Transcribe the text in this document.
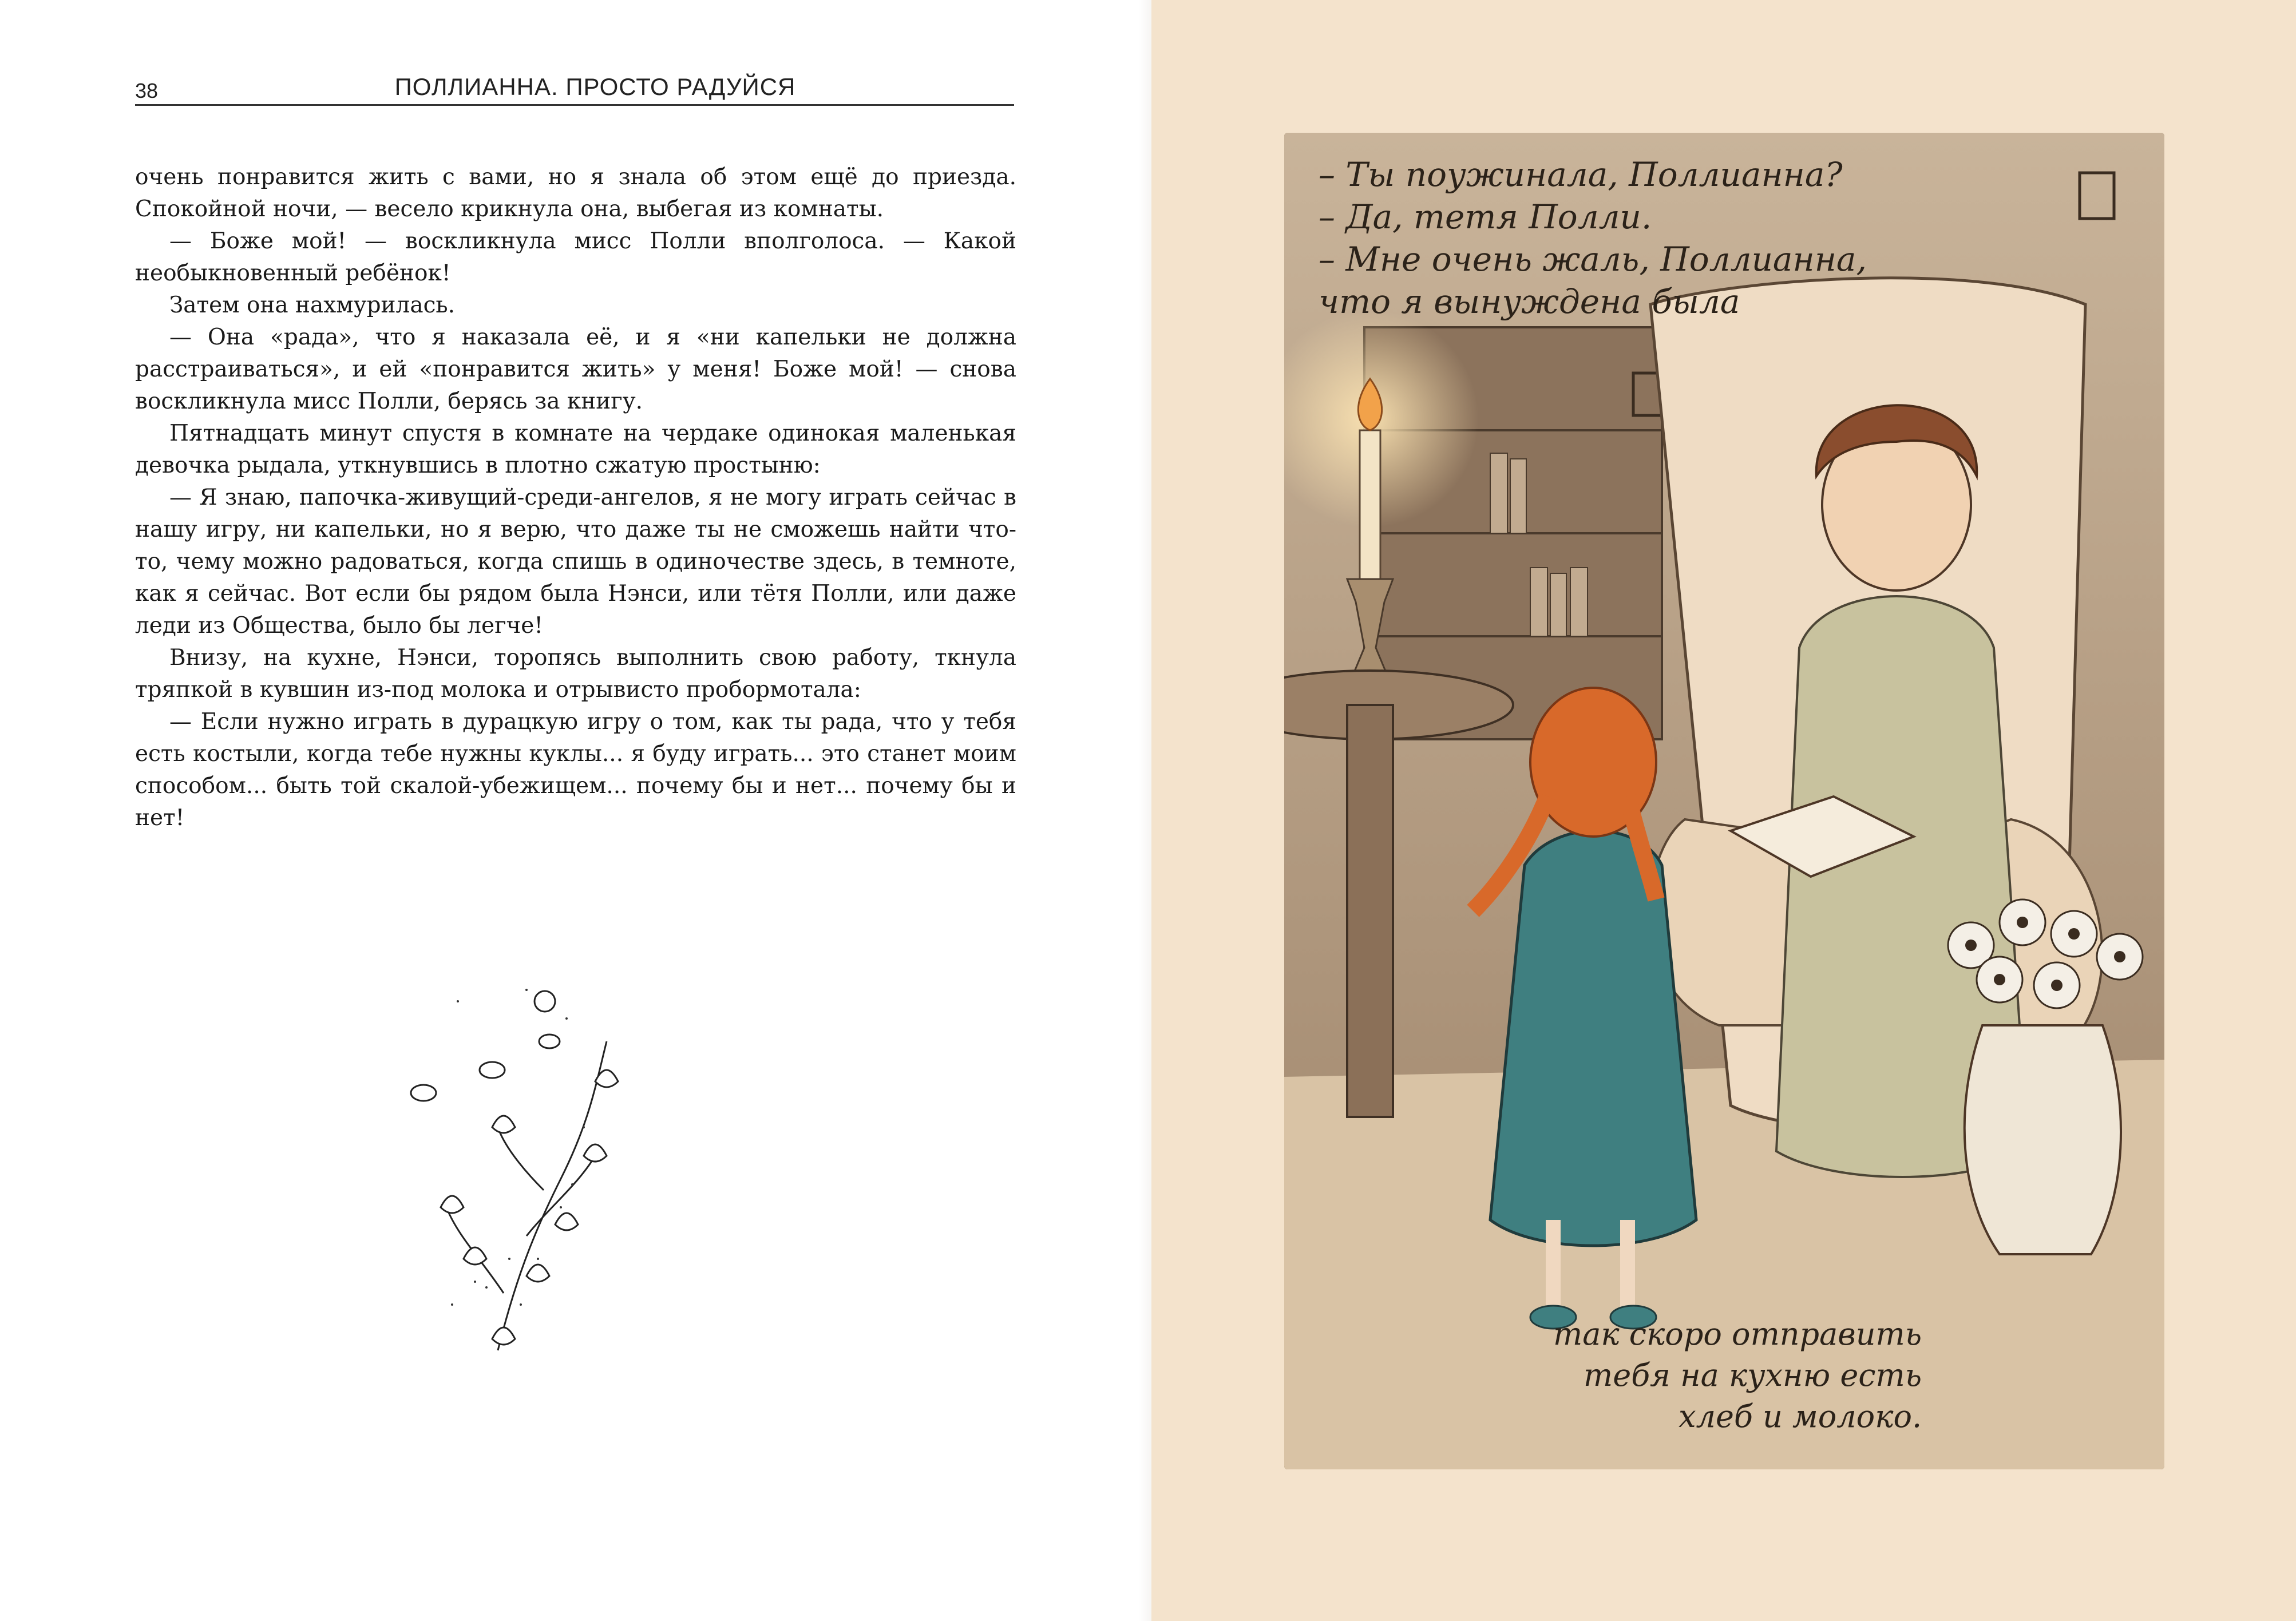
38	ПОЛЛИАННА. ПРОСТО РАДУЙСЯ

очень понравится жить с вами, но я знала об этом ещё до приезда. Спокойной ночи, — весело крикнула она, выбегая из комнаты.

— Боже мой! — воскликнула мисс Полли вполголоса. — Какой необыкновенный ребёнок!

Затем она нахмурилась.

— Она «рада», что я наказала её, и я «ни капельки не должна расстраиваться», и ей «понравится жить» у меня! Боже мой! — снова воскликнула мисс Полли, берясь за книгу.

Пятнадцать минут спустя в комнате на чердаке одинокая маленькая девочка рыдала, уткнувшись в плотно сжатую простыню:

— Я знаю, папочка-живущий-среди-ангелов, я не могу играть сейчас в нашу игру, ни капельки, но я верю, что даже ты не сможешь найти что-то, чему можно радоваться, когда спишь в одиночестве здесь, в темноте, как я сейчас. Вот если бы рядом была Нэнси, или тётя Полли, или даже леди из Общества, было бы легче!

Внизу, на кухне, Нэнси, торопясь выполнить свою работу, ткнула тряпкой в кувшин из-под молока и отрывисто пробормотала:

— Если нужно играть в дурацкую игру о том, как ты рада, что у тебя есть костыли, когда тебе нужны куклы... я буду играть... это станет моим способом... быть той скалой-убежищем... почему бы и нет... почему бы и нет!

– Ты поужинала, Поллианна?
– Да, тетя Полли.
– Мне очень жаль, Поллианна,
что я вынуждена была
так скоро отправить
тебя на кухню есть
хлеб и молоко.
